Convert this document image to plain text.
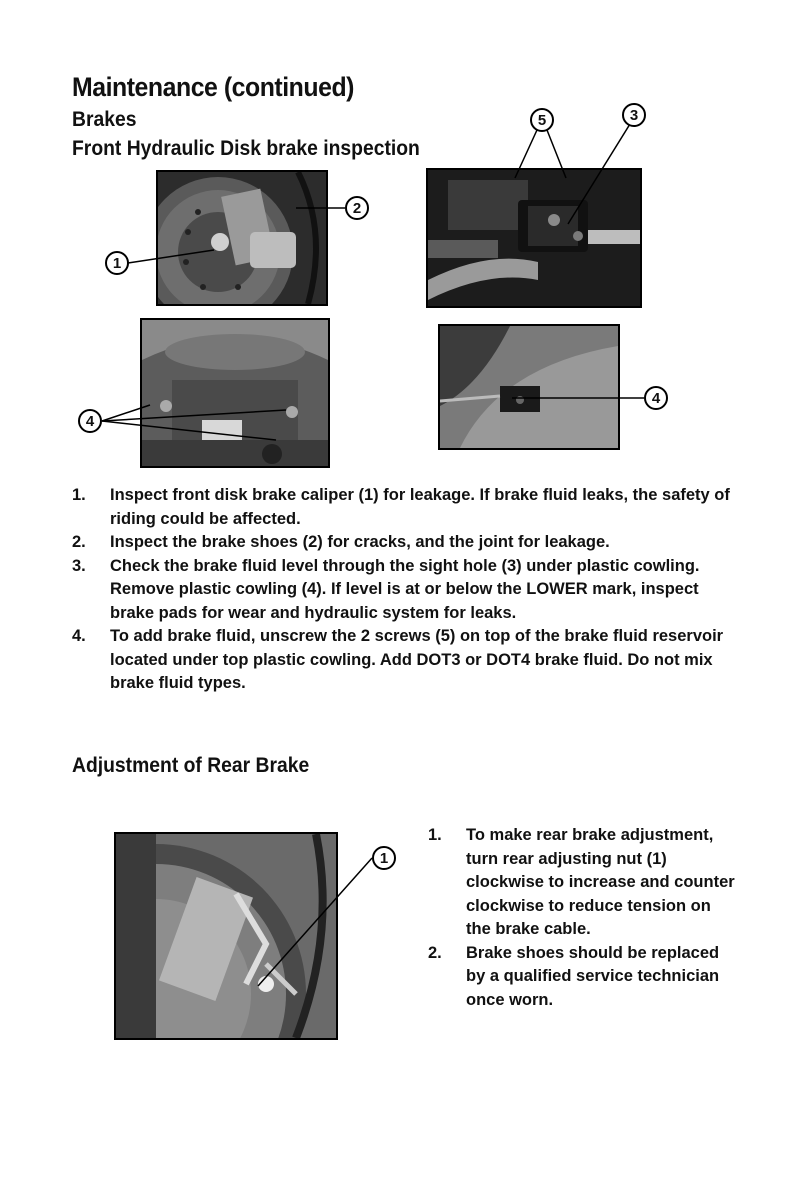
Maintenance (continued)
Brakes
Front Hydraulic Disk brake inspection
1
2
3
5
4
4
1
1. Inspect front disk brake caliper (1) for leakage. If brake fluid leaks, the safety of riding could be affected.
2. Inspect the brake shoes (2) for cracks, and the joint for leakage.
3. Check the brake fluid level through the sight hole (3) under plastic cowling. Remove plastic cowling (4). If level is at or below the LOWER mark, inspect brake pads for wear and hydraulic system for leaks.
4. To add brake fluid, unscrew the 2 screws (5) on top of the brake fluid reservoir located under top plastic cowling. Add DOT3 or DOT4 brake fluid. Do not mix brake fluid types.
Adjustment of Rear Brake
1. To make rear brake adjustment, turn rear adjusting nut (1) clockwise to increase and counter clockwise to reduce tension on the brake cable.
2. Brake shoes should be replaced by a qualified service technician once worn.
